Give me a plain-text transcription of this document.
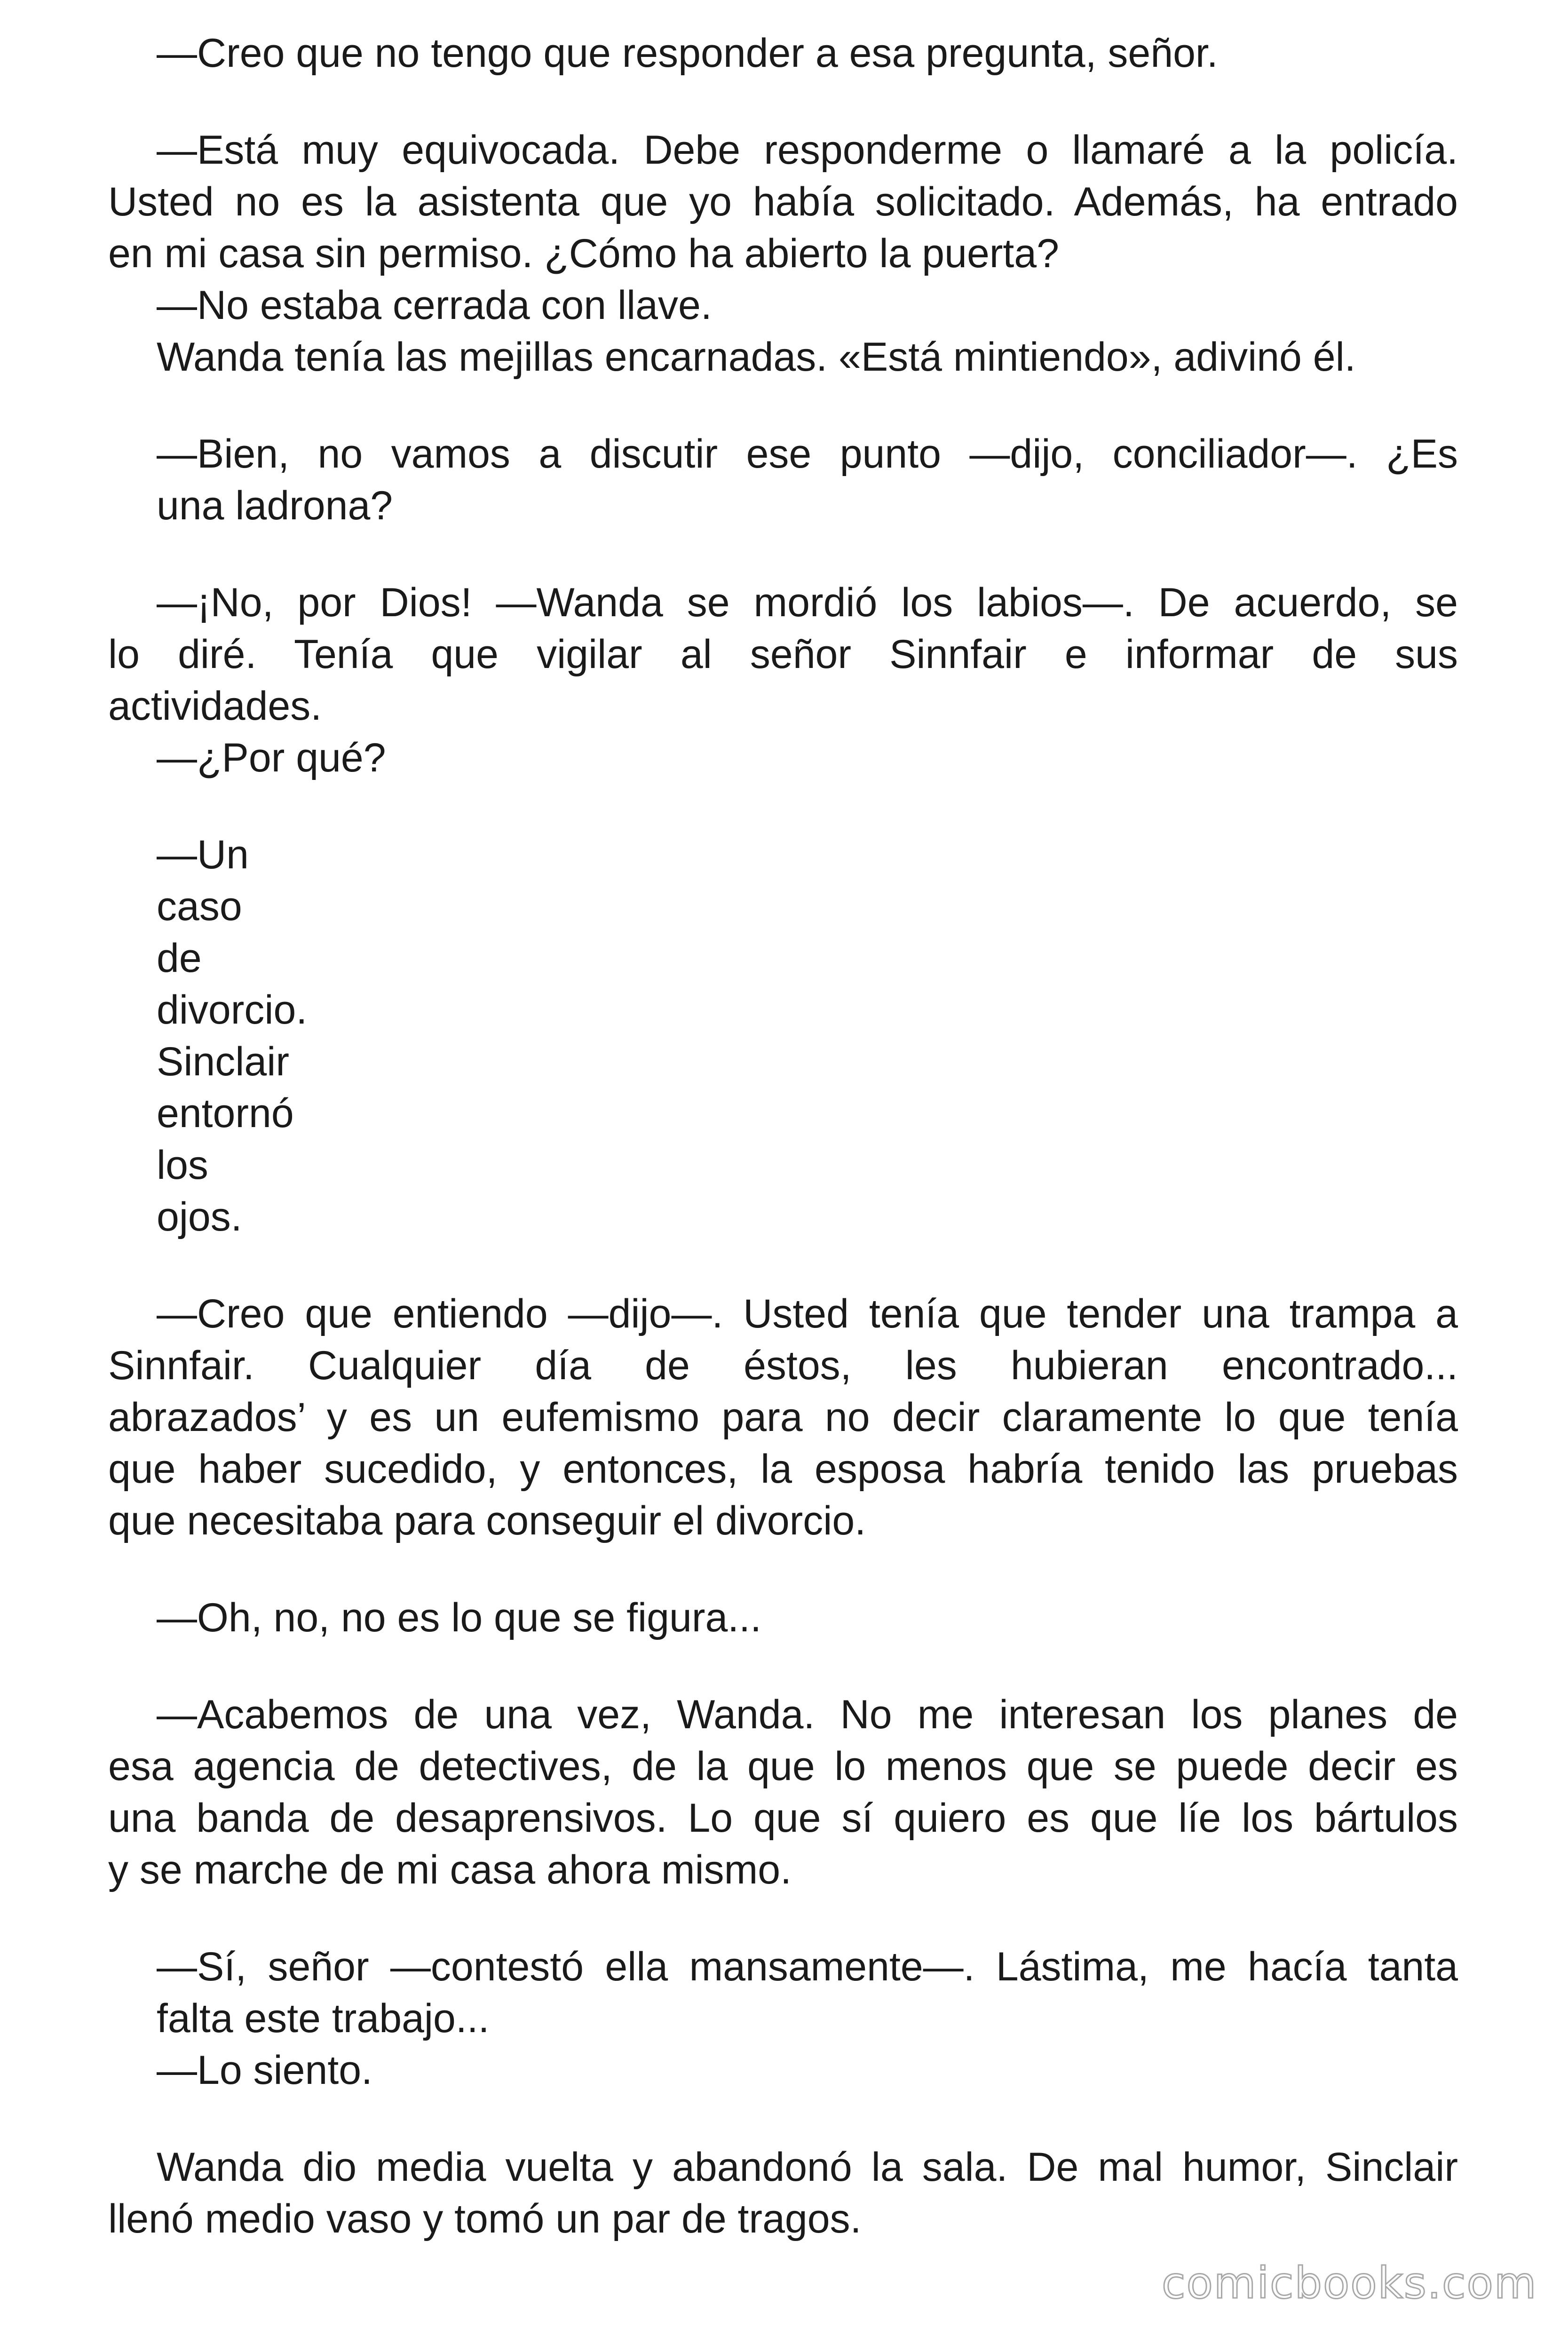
—Creo que no tengo que responder a esa pregunta, señor.

—Está muy equivocada. Debe responderme o llamaré a la policía.

Usted no es la asistenta que yo había solicitado. Además, ha entrado

en mi casa sin permiso. ¿Cómo ha abierto la puerta?

—No estaba cerrada con llave.

Wanda tenía las mejillas encarnadas. «Está mintiendo», adivinó él.

—Bien, no vamos a discutir ese punto —dijo, conciliador—. ¿Es

una ladrona?

—¡No, por Dios! —Wanda se mordió los labios—. De acuerdo, se

lo diré. Tenía que vigilar al señor Sinnfair e informar de sus

actividades.

—¿Por qué?

—Un

caso

de

divorcio.

Sinclair

entornó

los

ojos.

—Creo que entiendo —dijo—. Usted tenía que tender una trampa a

Sinnfair. Cualquier día de éstos, les hubieran encontrado...

abrazados’ y es un eufemismo para no decir claramente lo que tenía

que haber sucedido, y entonces, la esposa habría tenido las pruebas

que necesitaba para conseguir el divorcio.

—Oh, no, no es lo que se figura...

—Acabemos de una vez, Wanda. No me interesan los planes de

esa agencia de detectives, de la que lo menos que se puede decir es

una banda de desaprensivos. Lo que sí quiero es que líe los bártulos

y se marche de mi casa ahora mismo.

—Sí, señor —contestó ella mansamente—. Lástima, me hacía tanta

falta este trabajo...

—Lo siento.

Wanda dio media vuelta y abandonó la sala. De mal humor, Sinclair

llenó medio vaso y tomó un par de tragos.

comicbooks.com
